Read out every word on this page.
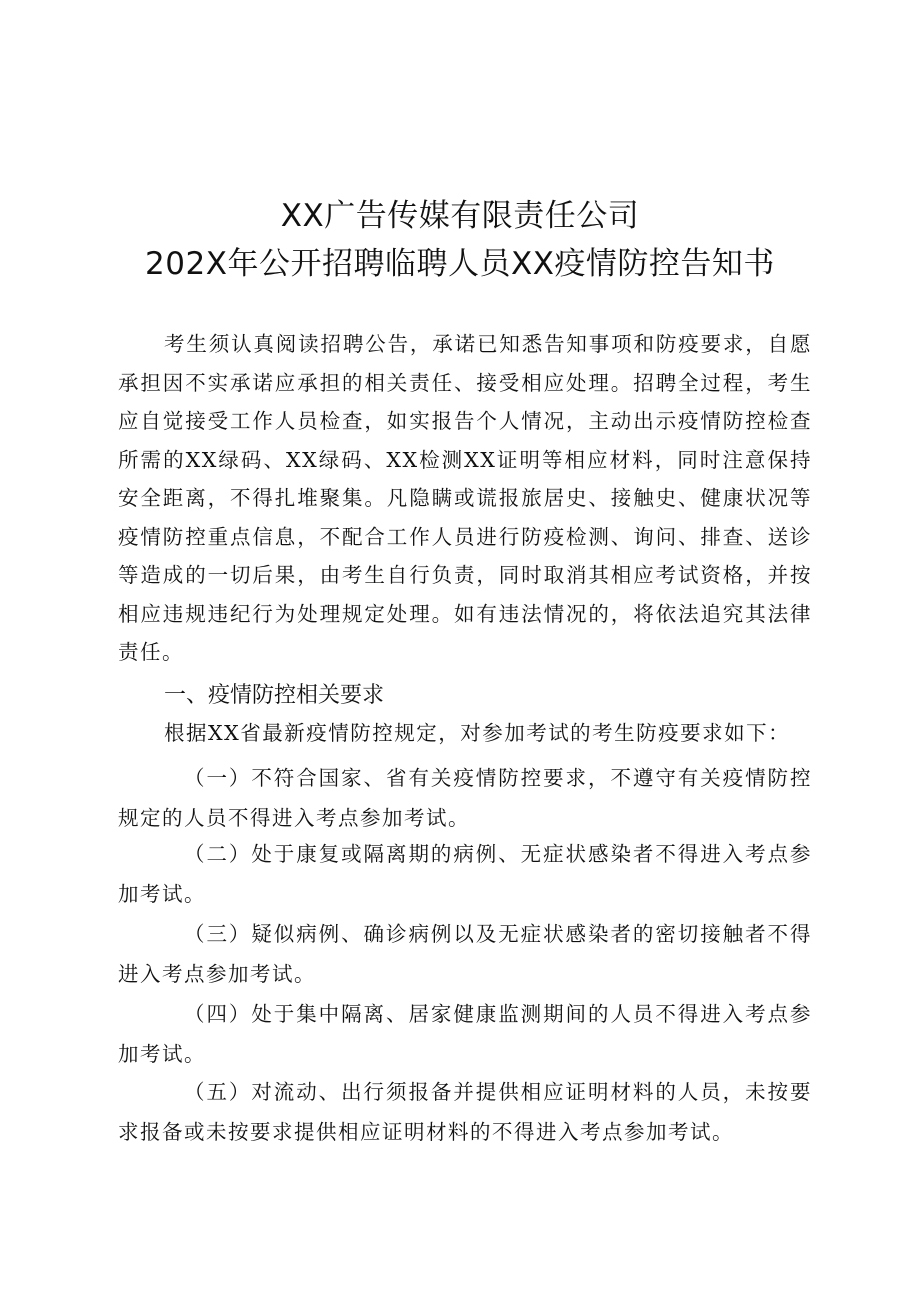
XX广告传媒有限责任公司
202X年公开招聘临聘人员XX疫情防控告知书

考生须认真阅读招聘公告，承诺已知悉告知事项和防疫要求，自愿承担因不实承诺应承担的相关责任、接受相应处理。招聘全过程，考生应自觉接受工作人员检查，如实报告个人情况，主动出示疫情防控检查所需的XX绿码、XX绿码、XX检测XX证明等相应材料，同时注意保持安全距离，不得扎堆聚集。凡隐瞒或谎报旅居史、接触史、健康状况等疫情防控重点信息，不配合工作人员进行防疫检测、询问、排查、送诊等造成的一切后果，由考生自行负责，同时取消其相应考试资格，并按相应违规违纪行为处理规定处理。如有违法情况的，将依法追究其法律责任。

一、疫情防控相关要求

根据XX省最新疫情防控规定，对参加考试的考生防疫要求如下：

（一）不符合国家、省有关疫情防控要求，不遵守有关疫情防控规定的人员不得进入考点参加考试。

（二）处于康复或隔离期的病例、无症状感染者不得进入考点参加考试。

（三）疑似病例、确诊病例以及无症状感染者的密切接触者不得进入考点参加考试。

（四）处于集中隔离、居家健康监测期间的人员不得进入考点参加考试。

（五）对流动、出行须报备并提供相应证明材料的人员，未按要求报备或未按要求提供相应证明材料的不得进入考点参加考试。
